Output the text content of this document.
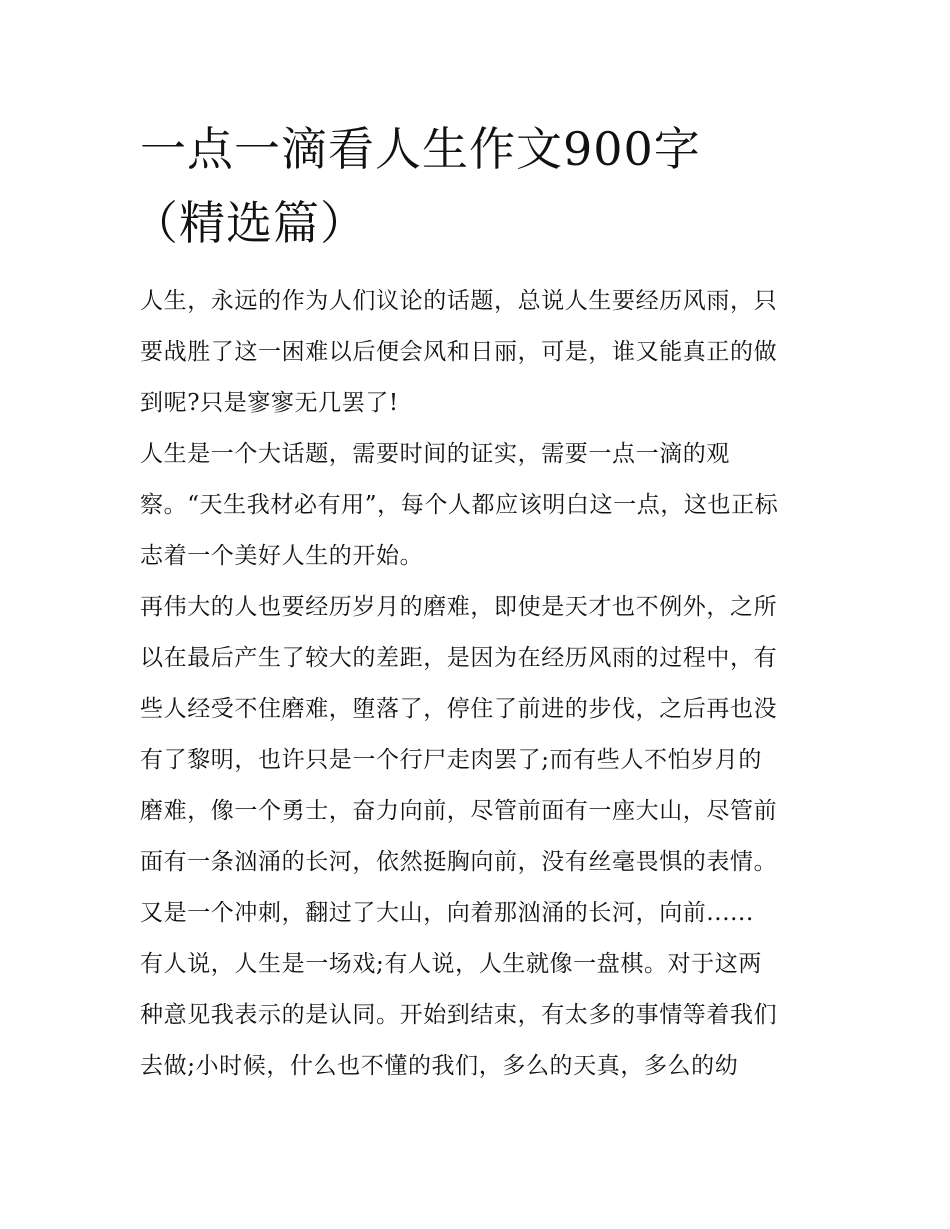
一点一滴看人生作文900字
（精选篇）
人生，永远的作为人们议论的话题，总说人生要经历风雨，只
要战胜了这一困难以后便会风和日丽，可是，谁又能真正的做
到呢?只是寥寥无几罢了!
人生是一个大话题，需要时间的证实，需要一点一滴的观
察。“天生我材必有用”，每个人都应该明白这一点，这也正标
志着一个美好人生的开始。
再伟大的人也要经历岁月的磨难，即使是天才也不例外，之所
以在最后产生了较大的差距，是因为在经历风雨的过程中，有
些人经受不住磨难，堕落了，停住了前进的步伐，之后再也没
有了黎明，也许只是一个行尸走肉罢了;而有些人不怕岁月的
磨难，像一个勇士，奋力向前，尽管前面有一座大山，尽管前
面有一条汹涌的长河，依然挺胸向前，没有丝毫畏惧的表情。
又是一个冲刺，翻过了大山，向着那汹涌的长河，向前......
有人说，人生是一场戏;有人说，人生就像一盘棋。对于这两
种意见我表示的是认同。开始到结束，有太多的事情等着我们
去做;小时候，什么也不懂的我们，多么的天真，多么的幼
